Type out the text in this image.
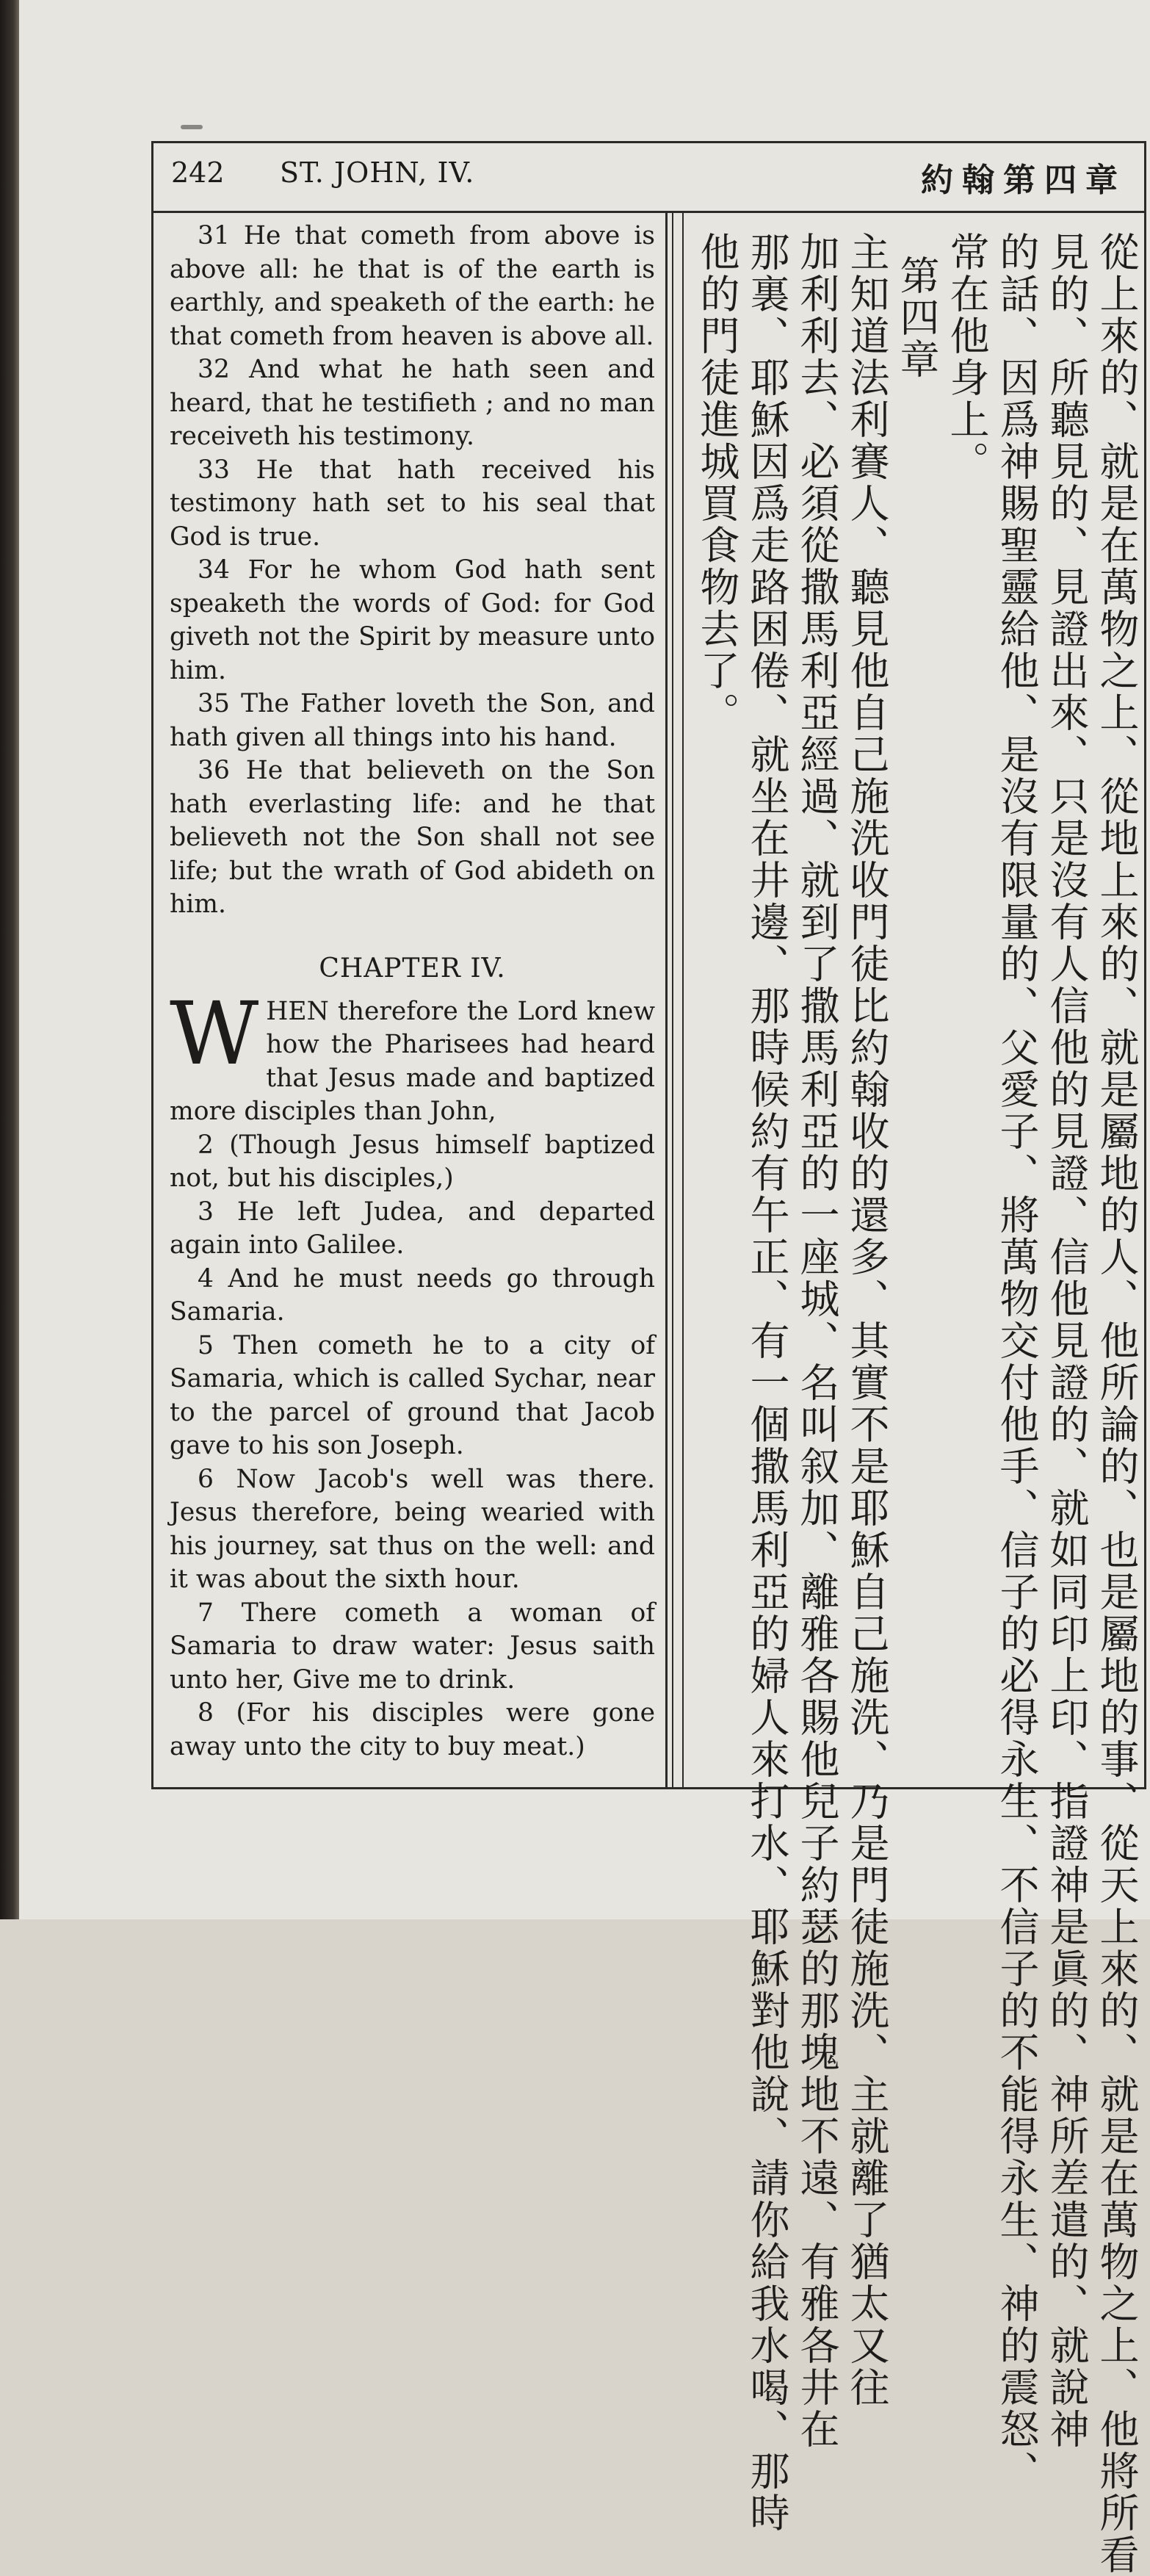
242 ST. JOHN, IV.	約翰第四章

31 He that cometh from above is above all: he that is of the earth is earthly, and speaketh of the earth: he that cometh from heaven is above all.

32 And what he hath seen and heard, that he testifieth ; and no man receiveth his testimony.

33 He that hath received his testimony hath set to his seal that God is true.

34 For he whom God hath sent speaketh the words of God: for God giveth not the Spirit by measure unto him.

35 The Father loveth the Son, and hath given all things into his hand.

36 He that believeth on the Son hath everlasting life: and he that believeth not the Son shall not see life; but the wrath of God abideth on him.

CHAPTER IV.

W HEN therefore the Lord knew how the Pharisees had heard that Jesus made and baptized more disciples than John,

2 (Though Jesus himself baptized not, but his disciples,)

3 He left Judea, and departed again into Galilee.

4 And he must needs go through Samaria.

5 Then cometh he to a city of Samaria, which is called Sychar, near to the parcel of ground that Jacob gave to his son Joseph.

6 Now Jacob's well was there. Jesus therefore, being wearied with his journey, sat thus on the well: and it was about the sixth hour.

7 There cometh a woman of Samaria to draw water: Jesus saith unto her, Give me to drink.

8 (For his disciples were gone away unto the city to buy meat.)	從上來的、就是在萬物之上、從地上來的、就是屬地的人、他所論的、也是屬地的事、從天上來的、就是在萬物之上、他將所看
見的、所聽見的、見證出來、只是沒有人信他的見證、信他見證的、就如同印上印、指證神是眞的、神所差遣的、就說神
的話、因爲神賜聖靈給他、是沒有限量的、父愛子、將萬物交付他手、信子的必得永生、不信子的不能得永生、神的震怒、
常在他身上。
第四章
主知道法利賽人、聽見他自己施洗收門徒比約翰收的還多、其實不是耶穌自己施洗、乃是門徒施洗、主就離了猶太又往
加利利去、必須從撒馬利亞經過、就到了撒馬利亞的一座城、名叫叙加、離雅各賜他兒子約瑟的那塊地不遠、有雅各井在
那裏、耶穌因爲走路困倦、就坐在井邊、那時候約有午正、有一個撒馬利亞的婦人來打水、耶穌對他說、請你給我水喝、那時
他的門徒進城買食物去了。
